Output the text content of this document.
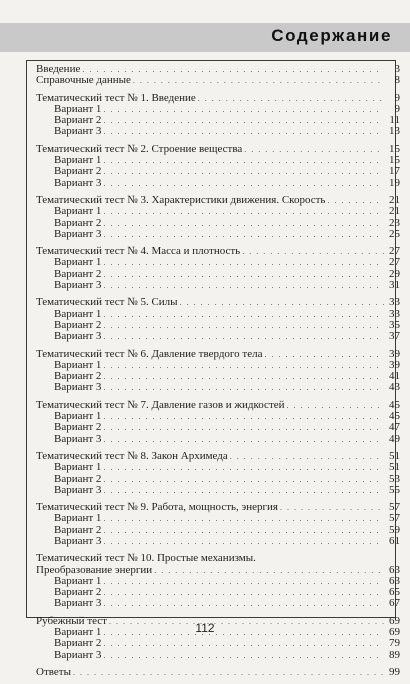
Содержание
Введение . . .	3
Справочные данные . . .	8
Тематический тест № 1. Введение . . .	9
Вариант 1 . . .	9
Вариант 2 . . .	11
Вариант 3 . . .	13
Тематический тест № 2. Строение вещества . . .	15
Вариант 1 . . .	15
Вариант 2 . . .	17
Вариант 3 . . .	19
Тематический тест № 3. Характеристики движения. Скорость . . .	21
Вариант 1 . . .	21
Вариант 2 . . .	23
Вариант 3 . . .	25
Тематический тест № 4. Масса и плотность . . .	27
Вариант 1 . . .	27
Вариант 2 . . .	29
Вариант 3 . . .	31
Тематический тест № 5. Силы . . .	33
Вариант 1 . . .	33
Вариант 2 . . .	35
Вариант 3 . . .	37
Тематический тест № 6. Давление твердого тела . . .	39
Вариант 1 . . .	39
Вариант 2 . . .	41
Вариант 3 . . .	43
Тематический тест № 7. Давление газов и жидкостей . . .	45
Вариант 1 . . .	45
Вариант 2 . . .	47
Вариант 3 . . .	49
Тематический тест № 8. Закон Архимеда . . .	51
Вариант 1 . . .	51
Вариант 2 . . .	53
Вариант 3 . . .	55
Тематический тест № 9. Работа, мощность, энергия . . .	57
Вариант 1 . . .	57
Вариант 2 . . .	59
Вариант 3 . . .	61
Тематический тест № 10. Простые механизмы.
Преобразование энергии . . .	63
Вариант 1 . . .	63
Вариант 2 . . .	65
Вариант 3 . . .	67
Рубежный тест . . .	69
Вариант 1 . . .	69
Вариант 2 . . .	79
Вариант 3 . . .	89
Ответы . . .	99
112
